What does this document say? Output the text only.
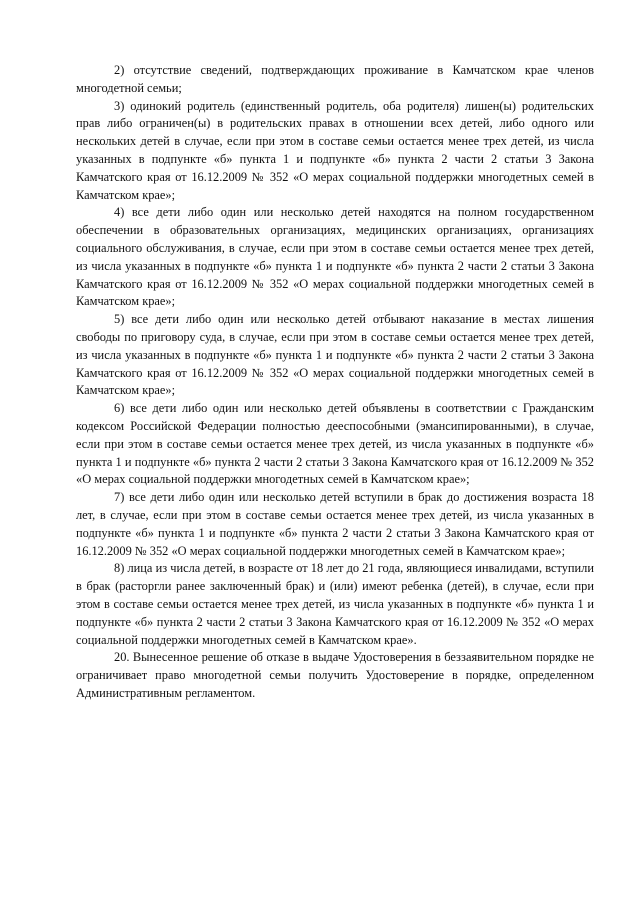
2) отсутствие сведений, подтверждающих проживание в Камчатском крае членов многодетной семьи;

3) одинокий родитель (единственный родитель, оба родителя) лишен(ы) родительских прав либо ограничен(ы) в родительских правах в отношении всех детей, либо одного или нескольких детей в случае, если при этом в составе семьи остается менее трех детей, из числа указанных в подпункте «б» пункта 1 и подпункте «б» пункта 2 части 2 статьи 3 Закона Камчатского края от 16.12.2009 № 352 «О мерах социальной поддержки многодетных семей в Камчатском крае»;

4) все дети либо один или несколько детей находятся на полном государственном обеспечении в образовательных организациях, медицинских организациях, организациях социального обслуживания, в случае, если при этом в составе семьи остается менее трех детей, из числа указанных в подпункте «б» пункта 1 и подпункте «б» пункта 2 части 2 статьи 3 Закона Камчатского края от 16.12.2009 № 352 «О мерах социальной поддержки многодетных семей в Камчатском крае»;

5) все дети либо один или несколько детей отбывают наказание в местах лишения свободы по приговору суда, в случае, если при этом в составе семьи остается менее трех детей, из числа указанных в подпункте «б» пункта 1 и подпункте «б» пункта 2 части 2 статьи 3 Закона Камчатского края от 16.12.2009 № 352 «О мерах социальной поддержки многодетных семей в Камчатском крае»;

6) все дети либо один или несколько детей объявлены в соответствии с Гражданским кодексом Российской Федерации полностью дееспособными (эмансипированными), в случае, если при этом в составе семьи остается менее трех детей, из числа указанных в подпункте «б» пункта 1 и подпункте «б» пункта 2 части 2 статьи 3 Закона Камчатского края от 16.12.2009 № 352 «О мерах социальной поддержки многодетных семей в Камчатском крае»;

7) все дети либо один или несколько детей вступили в брак до достижения возраста 18 лет, в случае, если при этом в составе семьи остается менее трех детей, из числа указанных в подпункте «б» пункта 1 и подпункте «б» пункта 2 части 2 статьи 3 Закона Камчатского края от 16.12.2009 № 352 «О мерах социальной поддержки многодетных семей в Камчатском крае»;

8) лица из числа детей, в возрасте от 18 лет до 21 года, являющиеся инвалидами, вступили в брак (расторгли ранее заключенный брак) и (или) имеют ребенка (детей), в случае, если при этом в составе семьи остается менее трех детей, из числа указанных в подпункте «б» пункта 1 и подпункте «б» пункта 2 части 2 статьи 3 Закона Камчатского края от 16.12.2009 № 352 «О мерах социальной поддержки многодетных семей в Камчатском крае».

20. Вынесенное решение об отказе в выдаче Удостоверения в беззаявительном порядке не ограничивает право многодетной семьи получить Удостоверение в порядке, определенном Административным регламентом.
